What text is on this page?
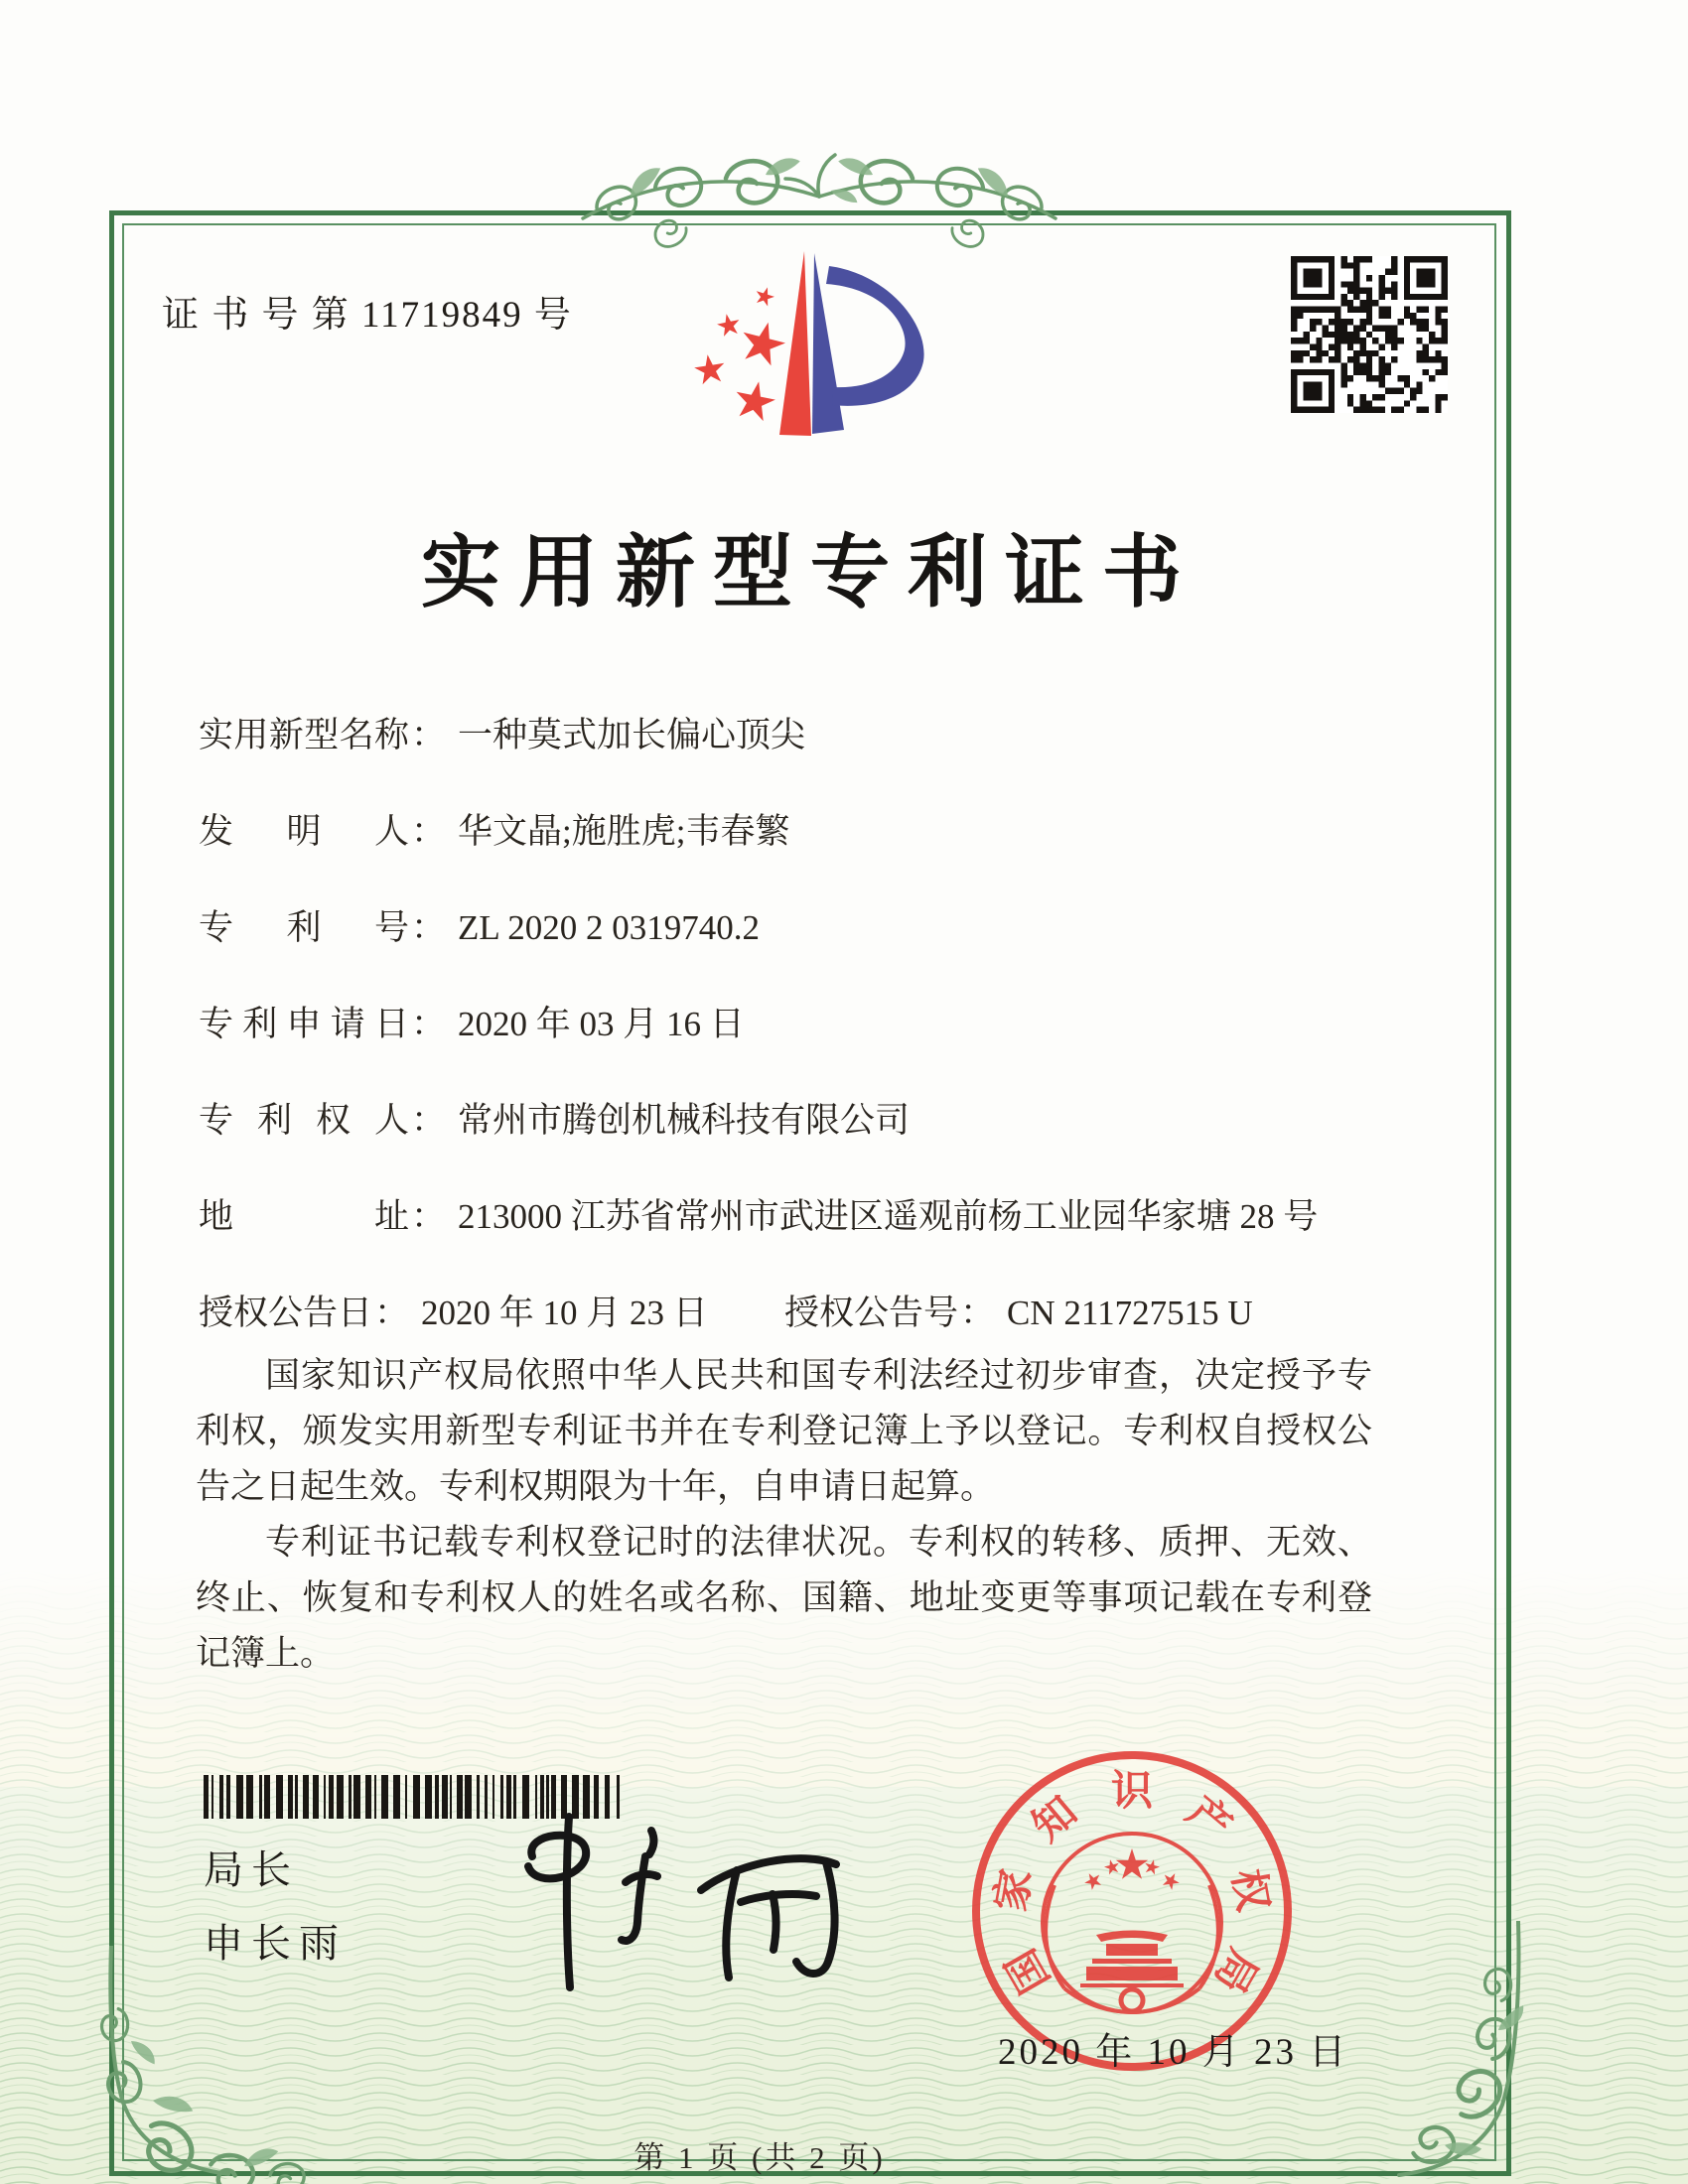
证 书 号 第 11719849 号
实用新型专利证书
实用新型名称： 一种莫式加长偏心顶尖
发明人： 华文晶;施胜虎;韦春繁
专利号： ZL 2020 2 0319740.2
专利申请日： 2020 年 03 月 16 日
专利权人： 常州市腾创机械科技有限公司
地址： 213000 江苏省常州市武进区遥观前杨工业园华家塘 28 号
授权公告日： 2020 年 10 月 23 日 授权公告号： CN 211727515 U

国家知识产权局依照中华人民共和国专利法经过初步审查，决定授予专利权，颁发实用新型专利证书并在专利登记簿上予以登记。专利权自授权公告之日起生效。专利权期限为十年，自申请日起算。

专利证书记载专利权登记时的法律状况。专利权的转移、质押、无效、终止、恢复和专利权人的姓名或名称、国籍、地址变更等事项记载在专利登记簿上。

局长
申长雨	国
家
知 识 产
权
局
2020 年 10 月 23 日
第 1 页 (共 2 页)
